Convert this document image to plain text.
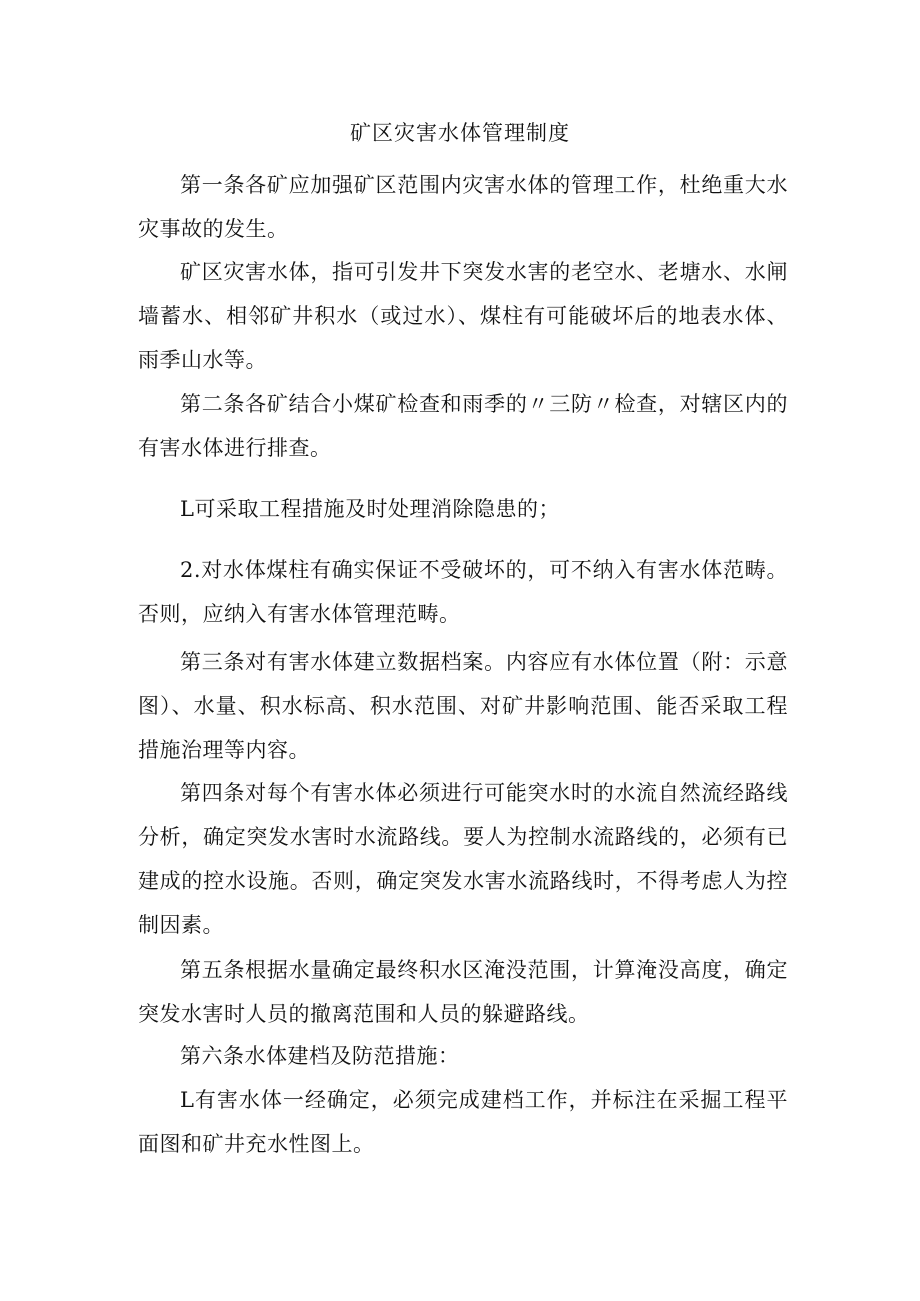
矿区灾害水体管理制度

第一条各矿应加强矿区范围内灾害水体的管理工作，杜绝重大水灾事故的发生。

矿区灾害水体，指可引发井下突发水害的老空水、老塘水、水闸墙蓄水、相邻矿井积水（或过水）、煤柱有可能破坏后的地表水体、雨季山水等。

第二条各矿结合小煤矿检查和雨季的〃三防〃检查，对辖区内的有害水体进行排查。

L可采取工程措施及时处理消除隐患的；

2.对水体煤柱有确实保证不受破坏的，可不纳入有害水体范畴。否则，应纳入有害水体管理范畴。

第三条对有害水体建立数据档案。内容应有水体位置（附：示意图）、水量、积水标高、积水范围、对矿井影响范围、能否采取工程措施治理等内容。

第四条对每个有害水体必须进行可能突水时的水流自然流经路线分析，确定突发水害时水流路线。要人为控制水流路线的，必须有已建成的控水设施。否则，确定突发水害水流路线时，不得考虑人为控制因素。

第五条根据水量确定最终积水区淹没范围，计算淹没高度，确定突发水害时人员的撤离范围和人员的躲避路线。

第六条水体建档及防范措施：

L有害水体一经确定，必须完成建档工作，并标注在采掘工程平面图和矿井充水性图上。
